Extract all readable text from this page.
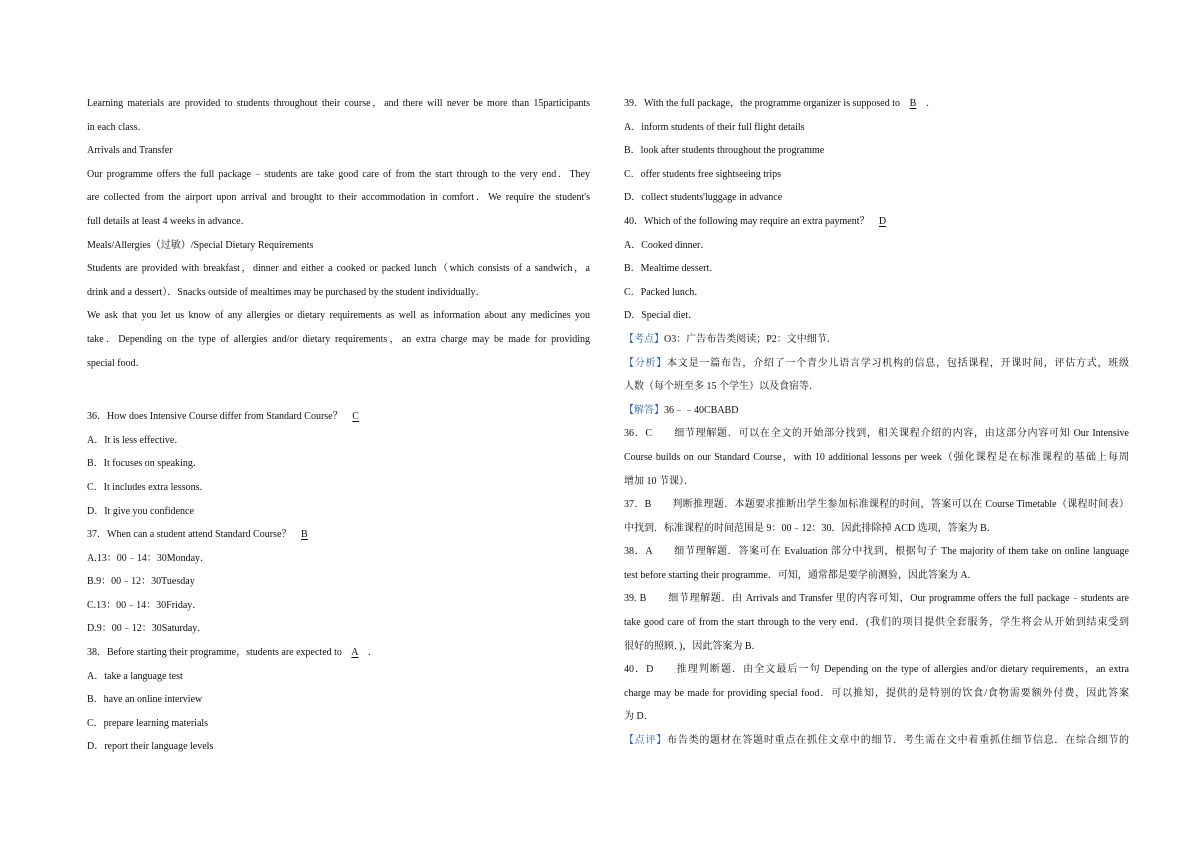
Learning materials are provided to students throughout their course，and there will never be more than 15participants
in each class．
Arrivals and Transfer
Our programme offers the full package﹣students are take good care of from the start through to the very end．They
are collected from the airport upon arrival and brought to their accommodation in comfort．We require the student's
full details at least 4 weeks in advance．
Meals/Allergies（过敏）/Special Dietary Requirements
Students are provided with breakfast，dinner and either a cooked or packed lunch（which consists of a sandwich，a
drink and a dessert）．Snacks outside of mealtimes may be purchased by the student individually．
We ask that you let us know of any allergies or dietary requirements as well as information about any medicines you
take．Depending on the type of allergies and/or dietary requirements，an extra charge may be made for providing
special food．
36．How does Intensive Course differ from Standard Course？ C
A．It is less effective．
B．It focuses on speaking．
C．It includes extra lessons．
D．It give you confidence
37．When can a student attend Standard Course？ B
A.13：00﹣14：30Monday．
B.9：00﹣12：30Tuesday
C.13：00﹣14：30Friday．
D.9：00﹣12：30Saturday．
38．Before starting their programme，students are expected to A ．
A．take a language test
B．have an online interview
C．prepare learning materials
D．report their language levels
39．With the full package，the programme organizer is supposed to B ．
A．inform students of their full flight details
B．look after students throughout the programme
C．offer students free sightseeing trips
D．collect students'luggage in advance
40．Which of the following may require an extra payment？ D
A．Cooked dinner．
B．Mealtime dessert．
C．Packed lunch．
D．Special diet．
【考点】O3：广告布告类阅读；P2：文中细节．
【分析】本文是一篇布告，介绍了一个青少儿语言学习机构的信息，包括课程，开课时间，评估方式，班级
人数（每个班至多 15 个学生）以及食宿等．
【解答】36﹣﹣40CBABD
36．C　　细节理解题．可以在全文的开始部分找到，相关课程介绍的内容，由这部分内容可知 Our Intensive
Course builds on our Standard Course，with 10 additional lessons per week（强化课程是在标准课程的基础上每周
增加 10 节课）．
37．B　　判断推理题．本题要求推断出学生参加标准课程的时间，答案可以在 Course Timetable（课程时间表）
中找到．标准课程的时间范围是 9：00﹣12：30．因此排除掉 ACD 选项，答案为 B．
38．A　　细节理解题．答案可在 Evaluation 部分中找到，根据句子 The majority of them take on online language
test before starting their programme．可知，通常都是要学前测验，因此答案为 A．
39. B　　细节理解题．由 Arrivals and Transfer 里的内容可知，Our programme offers the full package﹣students are
take good care of from the start through to the very end．(我们的项目提供全套服务，学生将会从开始到结束受到
很好的照顾．)，因此答案为 B．
40．D　　推理判断题．由全文最后一句 Depending on the type of allergies and/or dietary requirements，an extra
charge may be made for providing special food．可以推知，提供的是特别的饮食/食物需要额外付费，因此答案
为 D．
【点评】布告类的题材在答题时重点在抓住文章中的细节．考生需在文中着重抓住细节信息．在综合细节的
